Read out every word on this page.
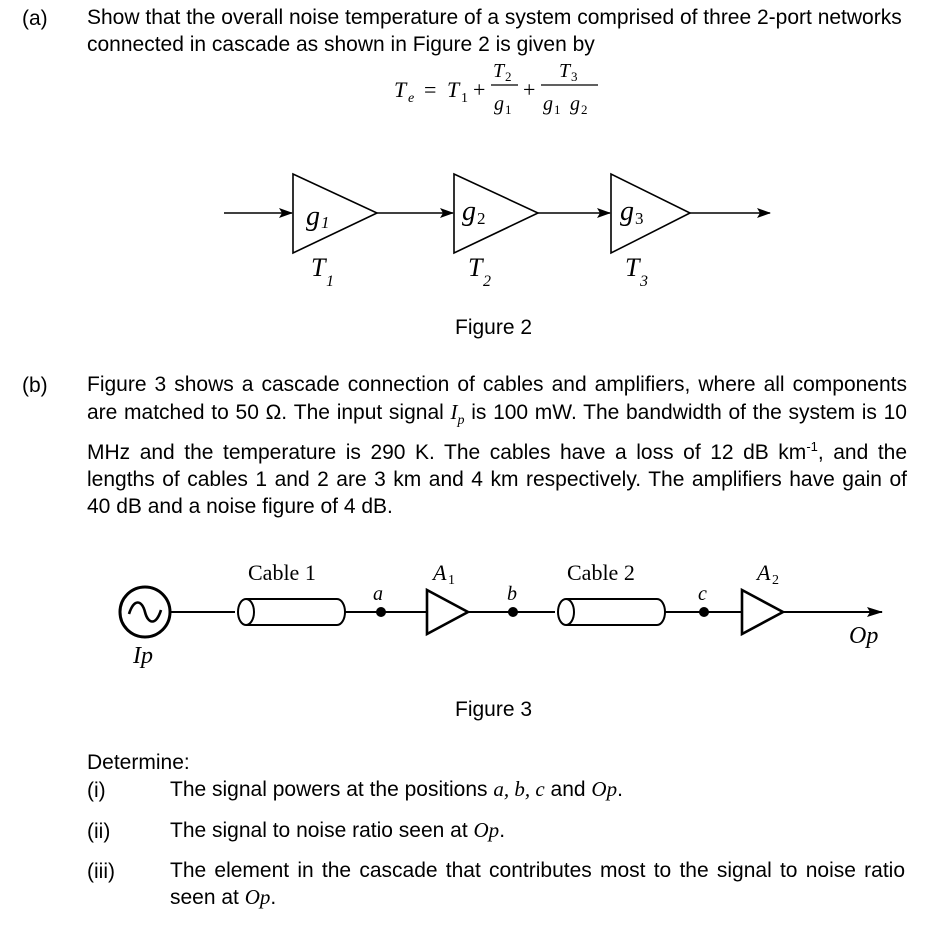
(a) Show that the overall noise temperature of a system comprised of three 2-port networks connected in cascade as shown in Figure 2 is given by
T e = T 1 +
T 2
g 1
+
T 3
g 1 g 2
g 1	g 2	g 3
T 1	T 2	T 3
Figure 2
(b) Figure 3 shows a cascade connection of cables and amplifiers, where all components are matched to 50 Ω. The input signal $I_p$ is 100 mW. The bandwidth of the system is 10 MHz and the temperature is 290 K. The cables have a loss of 12 dB $km^{-1}$, and the lengths of cables 1 and 2 are 3 km and 4 km respectively. The amplifiers have gain of 40 dB and a noise figure of 4 dB.
Ip
Cable 1
a
A 1
b
Cable 2
c
A 2
Op
Figure 3
Determine:
(i)	The signal powers at the positions a, b, c and Op.
(ii)	The signal to noise ratio seen at Op.
(iii)	The element in the cascade that contributes most to the signal to noise ratio seen at Op.
